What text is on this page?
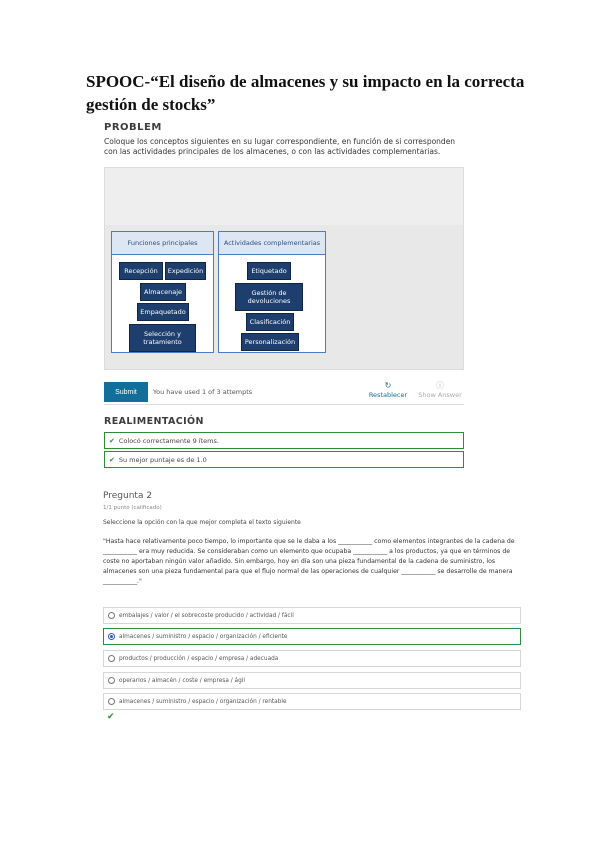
SPOOC-“El diseño de almacenes y su impacto en la correcta gestión de stocks”
PROBLEM
Coloque los conceptos siguientes en su lugar correspondiente, en función de si corresponden con las actividades principales de los almacenes, o con las actividades complementarias.
Funciones principales	Actividades complementarias
Recepción	Expedición
Almacenaje
Empaquetado
Selección y tratamiento
Etiquetado
Gestión de devoluciones
Clasificación
Personalización
Submit	You have used 1 of 3 attempts
↻
Restablecer
ⓘ
Show Answer
REALIMENTACIÓN
✔ Colocó correctamente 9 ítems.
✔ Su mejor puntaje es de 1.0
Pregunta 2
1/1 punto (calificado)
Seleccione la opción con la que mejor completa el texto siguiente
"Hasta hace relativamente poco tiempo, lo importante que se le daba a los ___________ como elementos integrantes de la cadena de ___________ era muy reducida. Se consideraban como un elemento que ocupaba ___________ a los productos, ya que en términos de coste no aportaban ningún valor añadido. Sin embargo, hoy en día son una pieza fundamental de la cadena de suministro, los almacenes son una pieza fundamental para que el flujo normal de las operaciones de cualquier ___________ se desarrolle de manera ___________."
embalajes / valor / el sobrecoste producido / actividad / fácil
almacenes / suministro / espacio / organización / eficiente
productos / producción / espacio / empresa / adecuada
operarios / almacén / coste / empresa / ágil
almacenes / suministro / espacio / organización / rentable
✔
